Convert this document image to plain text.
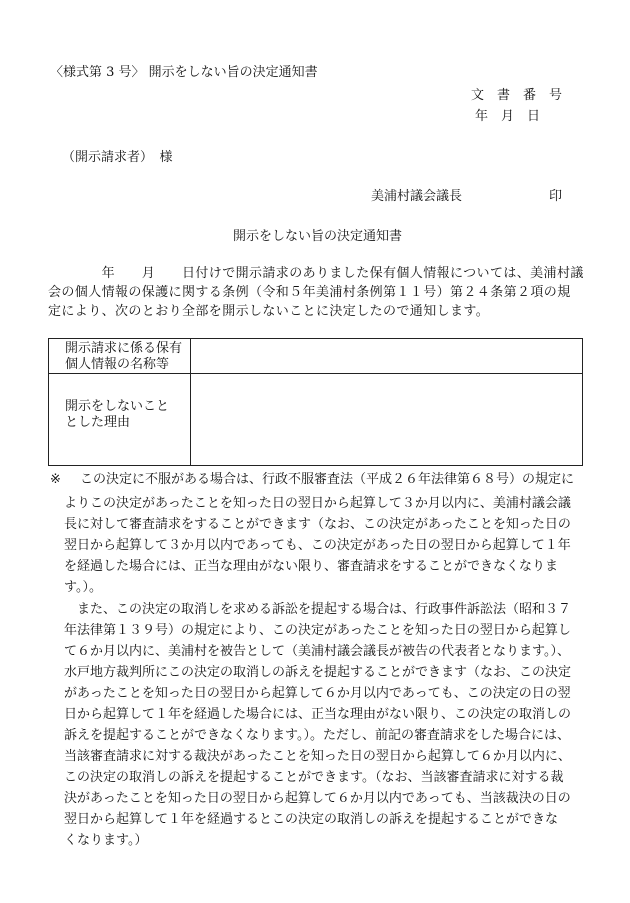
〈様式第 3 号〉 開示をしない旨の決定通知書
文　書　番　号
年　月　日
（開示請求者）　様
美浦村議会議長	印
開示をしない旨の決定通知書
　　　　年　　月　　日付けで開示請求のありました保有個人情報については、美浦村議
会の個人情報の保護に関する条例（令和５年美浦村条例第１１号）第２４条第２項の規
定により、次のとおり全部を開示しないことに決定したので通知します。
開示請求に係る保有
個人情報の名称等	

開示をしないこと
とした理由	

※ この決定に不服がある場合は、行政不服審査法（平成２６年法律第６８号）の規定に
よりこの決定があったことを知った日の翌日から起算して３か月以内に、美浦村議会議
長に対して審査請求をすることができます（なお、この決定があったことを知った日の
翌日から起算して３か月以内であっても、この決定があった日の翌日から起算して１年
を経過した場合には、正当な理由がない限り、審査請求をすることができなくなりま
す。）。
　また、この決定の取消しを求める訴訟を提起する場合は、行政事件訴訟法（昭和３７
年法律第１３９号）の規定により、この決定があったことを知った日の翌日から起算し
て６か月以内に、美浦村を被告として（美浦村議会議長が被告の代表者となります。）、
水戸地方裁判所にこの決定の取消しの訴えを提起することができます（なお、この決定
があったことを知った日の翌日から起算して６か月以内であっても、この決定の日の翌
日から起算して１年を経過した場合には、正当な理由がない限り、この決定の取消しの
訴えを提起することができなくなります。）。ただし、前記の審査請求をした場合には、
当該審査請求に対する裁決があったことを知った日の翌日から起算して６か月以内に、
この決定の取消しの訴えを提起することができます。（なお、当該審査請求に対する裁
決があったことを知った日の翌日から起算して６か月以内であっても、当該裁決の日の
翌日から起算して１年を経過するとこの決定の取消しの訴えを提起することができな
くなります。）
